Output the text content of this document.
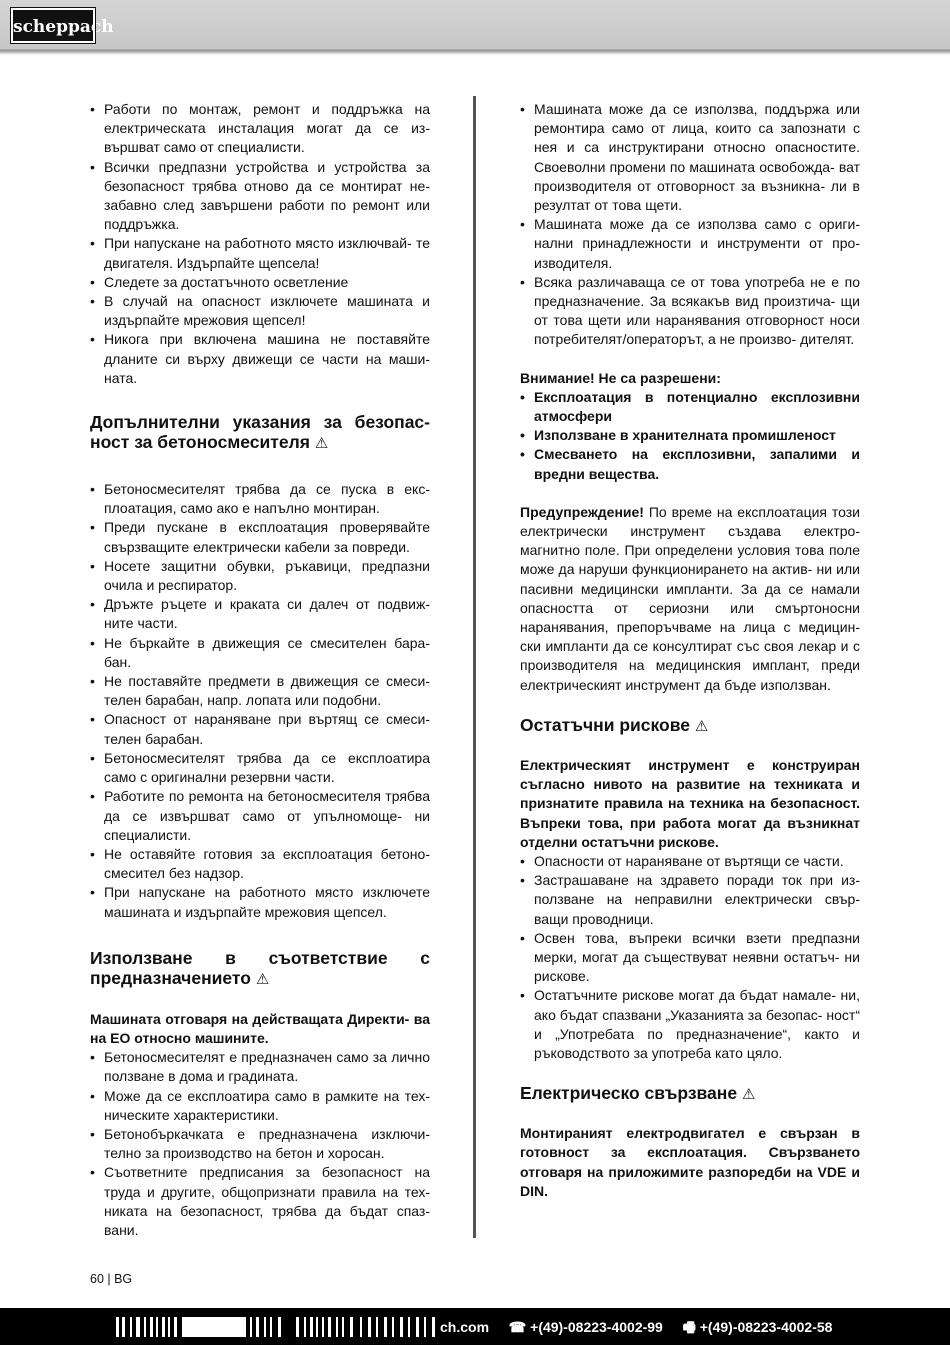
scheppach
• Работи по монтаж, ремонт и поддръжка на електрическата инсталация могат да се из- вършват само от специалисти.
• Всички предпазни устройства и устройства за безопасност трябва отново да се монтират не- забавно след завършени работи по ремонт или поддръжка.
• При напускане на работното място изключвай- те двигателя. Издърпайте щепсела!
• Следете за достатъчното осветление
• В случай на опасност изключете машината и издърпайте мрежовия щепсел!
• Никога при включена машина не поставяйте дланите си върху движещи се части на маши- ната.
Допълнителни указания за безопас- ност за бетоносмесителя ⚠
• Бетоносмесителят трябва да се пуска в екс- плоатация, само ако е напълно монтиран.
• Преди пускане в експлоатация проверявайте свързващите електрически кабели за повреди.
• Носете защитни обувки, ръкавици, предпазни очила и респиратор.
• Дръжте ръцете и краката си далеч от подвиж- ните части.
• Не бъркайте в движещия се смесителен бара- бан.
• Не поставяйте предмети в движещия се смеси- телен барабан, напр. лопата или подобни.
• Опасност от нараняване при въртящ се смеси- телен барабан.
• Бетоносмесителят трябва да се експлоатира само с оригинални резервни части.
• Работите по ремонта на бетоносмесителя трябва да се извършват само от упълномоще- ни специалисти.
• Не оставяйте готовия за експлоатация бетоно- смесител без надзор.
• При напускане на работното място изключете машината и издърпайте мрежовия щепсел.
Използване в съответствие с предназначението ⚠

Машината отговаря на действащата Директи- ва на ЕО относно машините.

• Бетоносмесителят е предназначен само за лично ползване в дома и градината.
• Може да се експлоатира само в рамките на тех- ническите характеристики.
• Бетонобъркачката е предназначена изключи- телно за производство на бетон и хоросан.
• Съответните предписания за безопасност на труда и другите, общопризнати правила на тех- никата на безопасност, трябва да бъдат спаз- вани.
• Машината може да се използва, поддържа или ремонтира само от лица, които са запознати с нея и са инструктирани относно опасностите. Своеволни промени по машината освобожда- ват производителя от отговорност за възникна- ли в резултат от това щети.
• Машината може да се използва само с ориги- нални принадлежности и инструменти от про- изводителя.
• Всяка различаваща се от това употреба не е по предназначение. За всякакъв вид произтича- щи от това щети или наранявания отговорност носи потребителят/операторът, а не произво- дителят.

Внимание! Не са разрешени:

• Експлоатация в потенциално експлозивни атмосфери
• Използване в хранителната промишленост
• Смесването на експлозивни, запалими и вредни вещества.

Предупреждение! По време на експлоатация този електрически инструмент създава електро- магнитно поле. При определени условия това поле може да наруши функционирането на актив- ни или пасивни медицински импланти. За да се намали опасността от сериозни или смъртоносни наранявания, препоръчваме на лица с медицин- ски импланти да се консултират със своя лекар и с производителя на медицинския имплант, преди електрическият инструмент да бъде използван.

Остатъчни рискове ⚠

Електрическият инструмент е конструиран съгласно нивото на развитие на техниката и признатите правила на техника на безопасност. Въпреки това, при работа могат да възникнат отделни остатъчни рискове.

• Опасности от нараняване от въртящи се части.
• Застрашаване на здравето поради ток при из-ползване на неправилни електрически свър- ващи проводници.
• Освен това, въпреки всички взети предпазни мерки, могат да съществуват неявни остатъч- ни рискове.
• Остатъчните рискове могат да бъдат намале- ни, ако бъдат спазвани „Указанията за безопас- ност“ и „Употребата по предназначение“, както и ръководството за употреба като цяло.
Електрическо свързване ⚠

Монтираният електродвигател е свързан в готовност за експлоатация. Свързването отговаря на приложимите разпоредби на VDE и DIN.

60 | BG
ch.com ☎ +(49)-08223-4002-99 🖷 +(49)-08223-4002-58
